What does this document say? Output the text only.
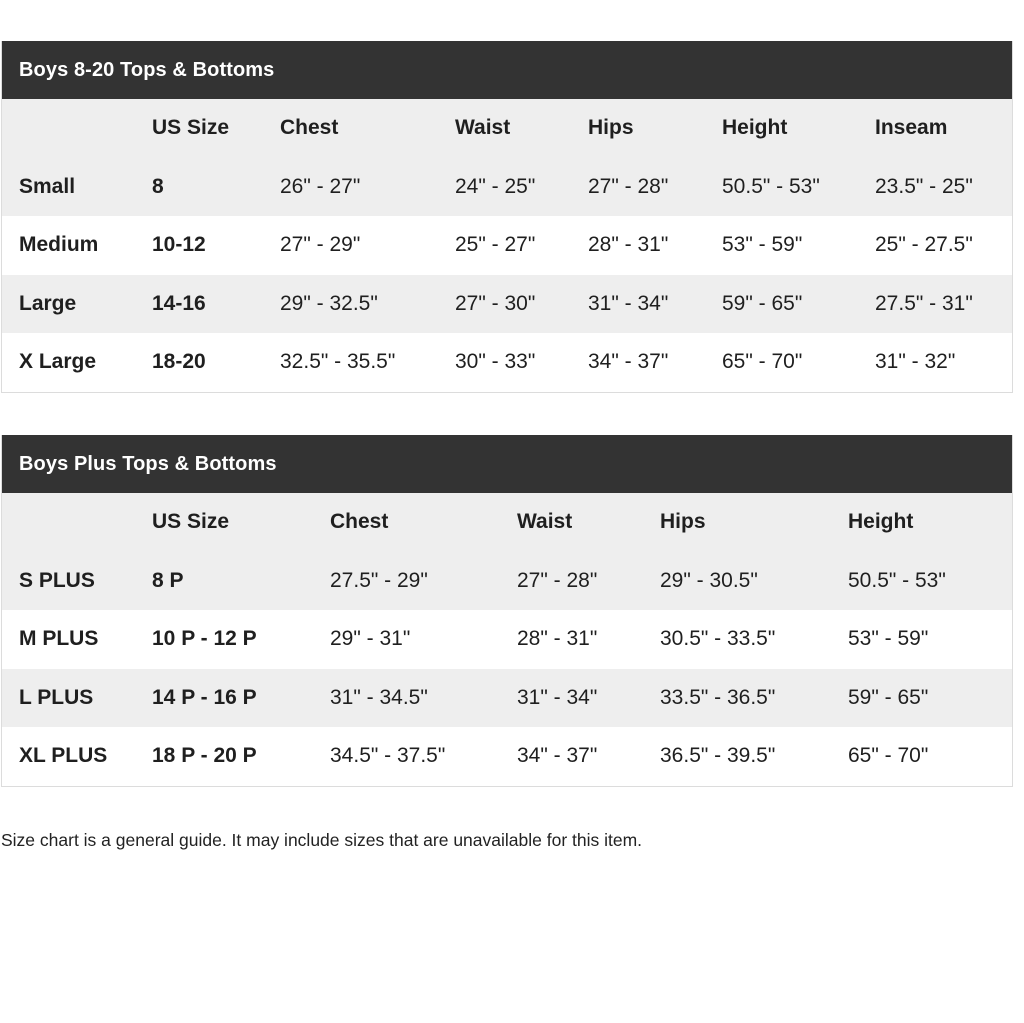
Boys 8-20 Tops & Bottoms

	US Size	Chest	Waist	Hips	Height	Inseam

Small	8	26" - 27"	24" - 25"	27" - 28"	50.5" - 53"	23.5" - 25"

Medium	10-12	27" - 29"	25" - 27"	28" - 31"	53" - 59"	25" - 27.5"

Large	14-16	29" - 32.5"	27" - 30"	31" - 34"	59" - 65"	27.5" - 31"

X Large	18-20	32.5" - 35.5"	30" - 33"	34" - 37"	65" - 70"	31" - 32"
Boys Plus Tops & Bottoms

	US Size	Chest	Waist	Hips	Height

S PLUS	8 P	27.5" - 29"	27" - 28"	29" - 30.5"	50.5" - 53"

M PLUS	10 P - 12 P	29" - 31"	28" - 31"	30.5" - 33.5"	53" - 59"

L PLUS	14 P - 16 P	31" - 34.5"	31" - 34"	33.5" - 36.5"	59" - 65"

XL PLUS	18 P - 20 P	34.5" - 37.5"	34" - 37"	36.5" - 39.5"	65" - 70"
Size chart is a general guide. It may include sizes that are unavailable for this item.
